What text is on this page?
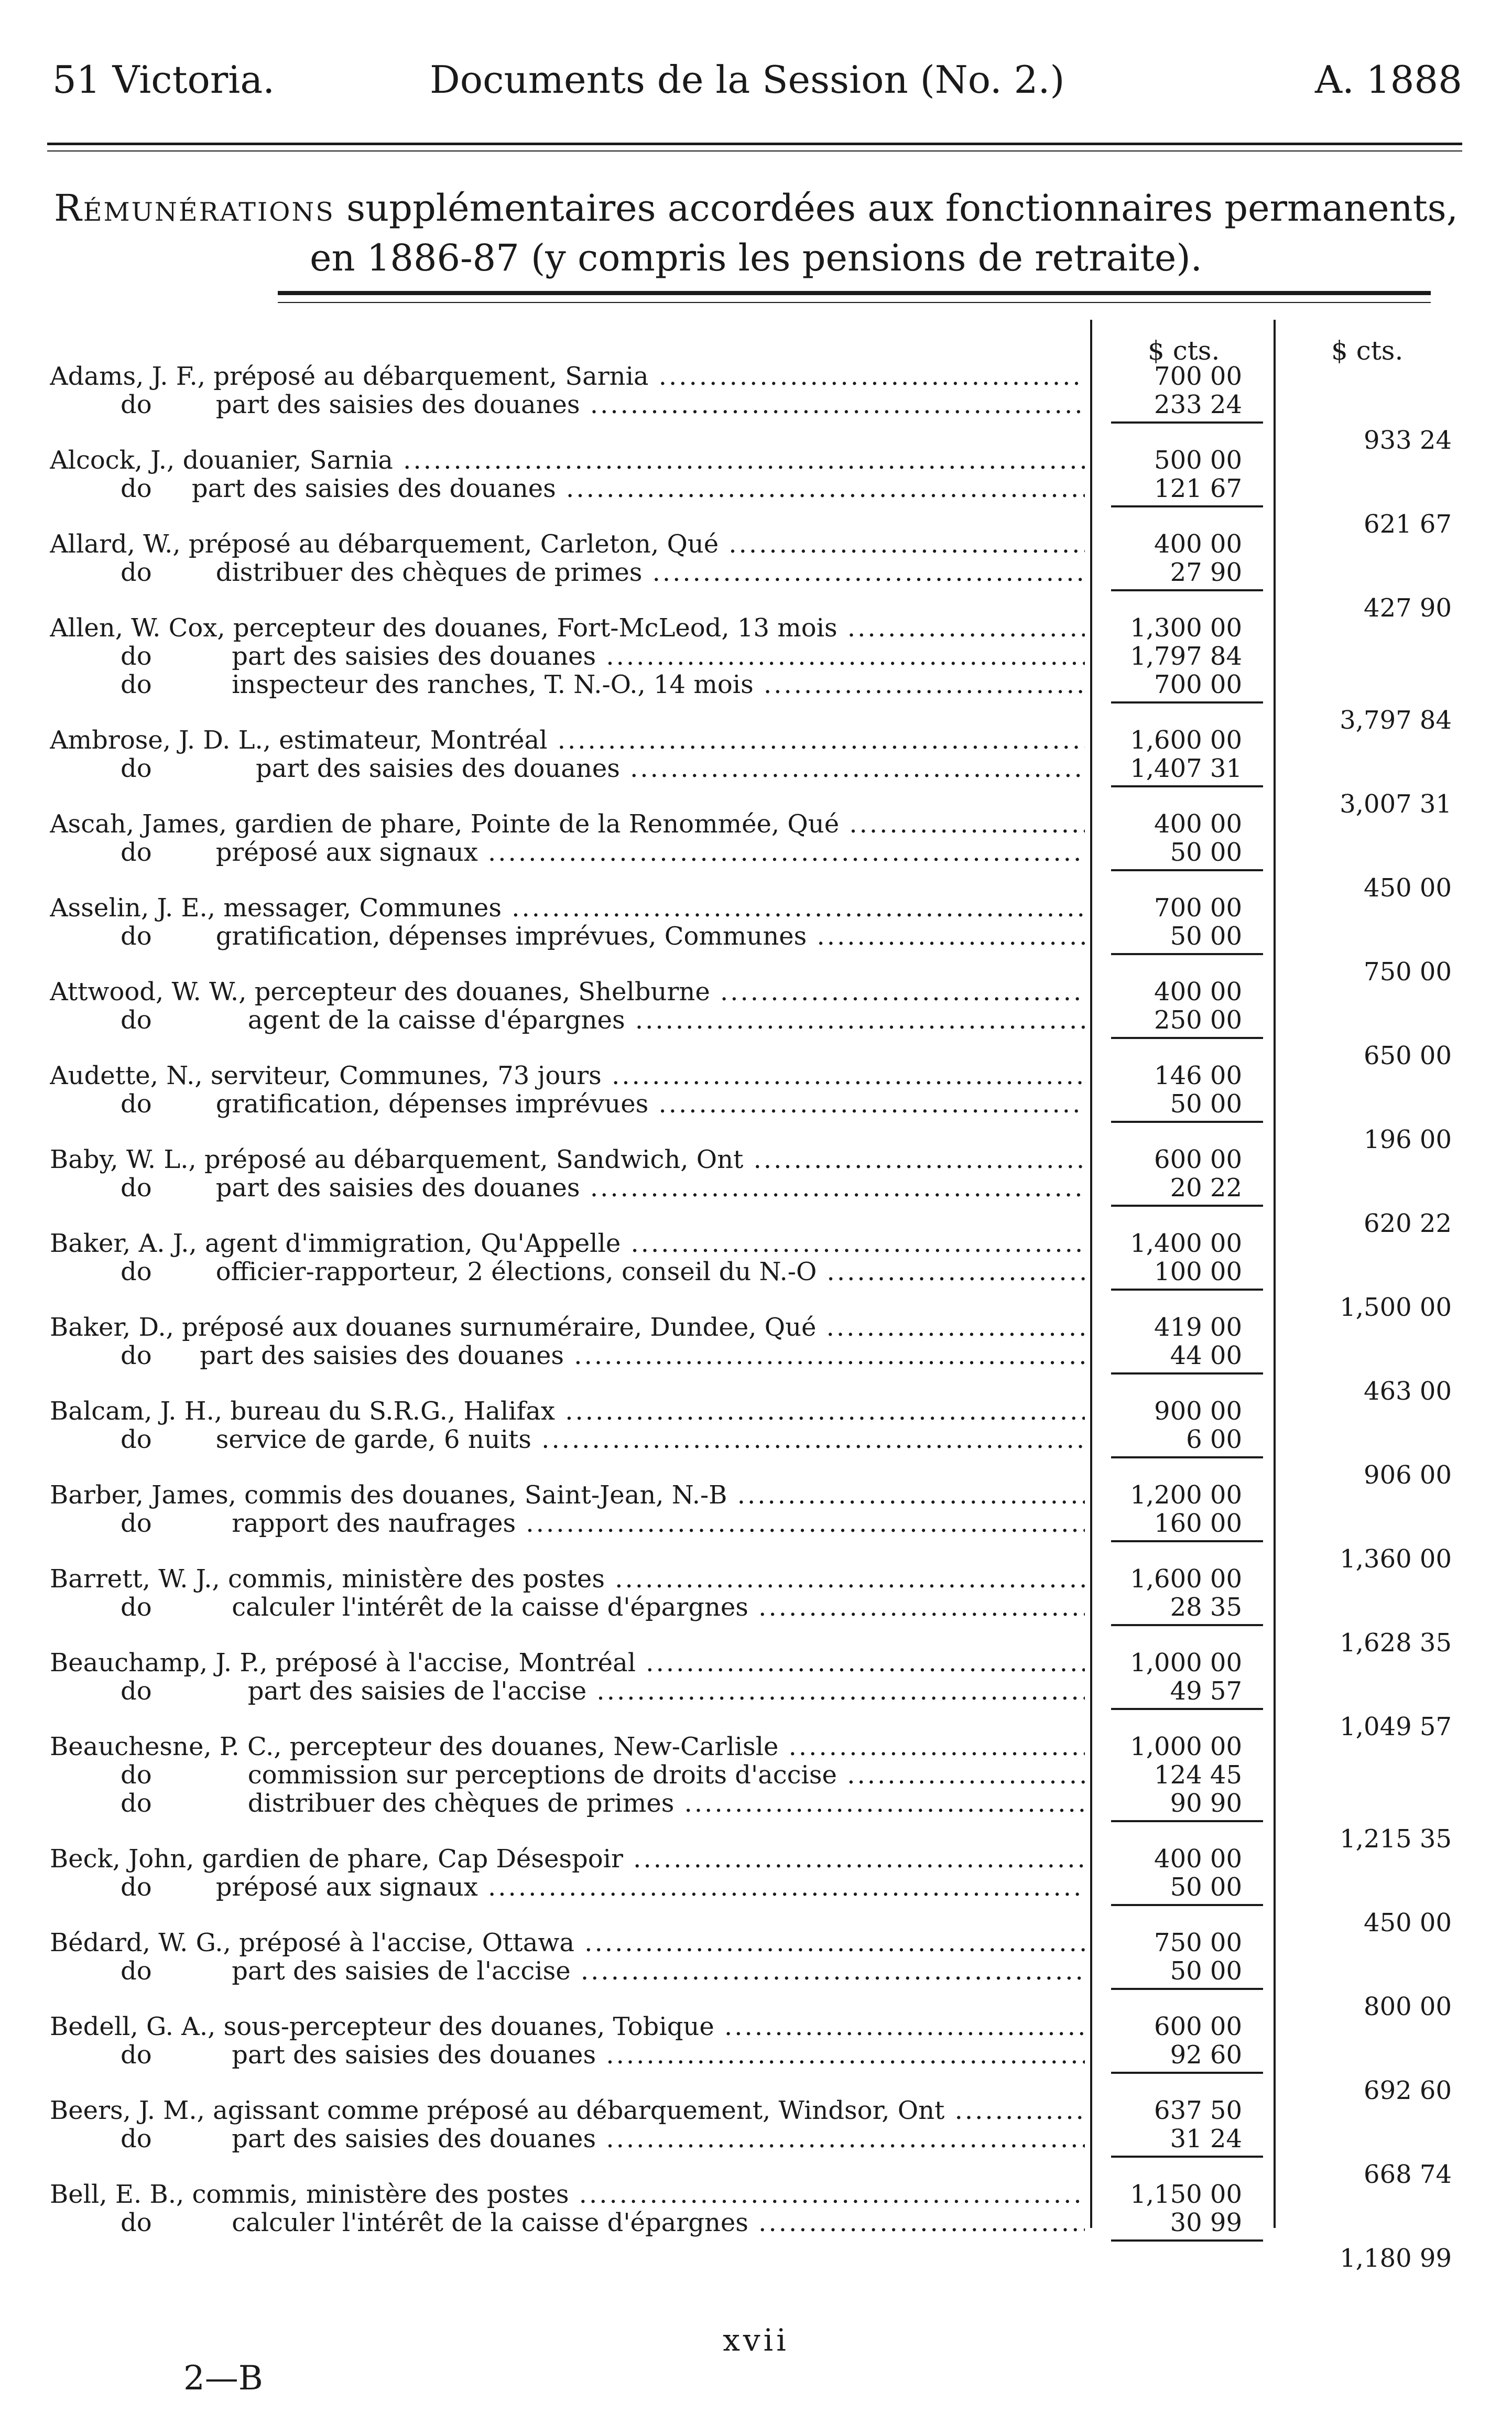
51 Victoria.	Documents de la Session (No. 2.)	A. 1888
Rémunérations supplémentaires accordées aux fonctionnaires permanents,
en 1886-87 (y compris les pensions de retraite).
$ cts.	$ cts.
Adams, J. F., préposé au débarquement, Sarnia .....	700 00
do        part des saisies des douanes .....	233 24
933 24
Alcock, J., douanier, Sarnia .....	500 00
do     part des saisies des douanes .....	121 67
621 67
Allard, W., préposé au débarquement, Carleton, Qué .....	400 00
do        distribuer des chèques de primes .....	27 90
427 90
Allen, W. Cox, percepteur des douanes, Fort-McLeod, 13 mois .....	1,300 00
do          part des saisies des douanes .....	1,797 84
do          inspecteur des ranches, T. N.-O., 14 mois .....	700 00
3,797 84
Ambrose, J. D. L., estimateur, Montréal .....	1,600 00
do             part des saisies des douanes .....	1,407 31
3,007 31
Ascah, James, gardien de phare, Pointe de la Renommée, Qué .....	400 00
do        préposé aux signaux .....	50 00
450 00
Asselin, J. E., messager, Communes .....	700 00
do        gratification, dépenses imprévues, Communes .....	50 00
750 00
Attwood, W. W., percepteur des douanes, Shelburne .....	400 00
do            agent de la caisse d'épargnes .....	250 00
650 00
Audette, N., serviteur, Communes, 73 jours .....	146 00
do        gratification, dépenses imprévues .....	50 00
196 00
Baby, W. L., préposé au débarquement, Sandwich, Ont .....	600 00
do        part des saisies des douanes .....	20 22
620 22
Baker, A. J., agent d'immigration, Qu'Appelle .....	1,400 00
do        officier-rapporteur, 2 élections, conseil du N.-O .....	100 00
1,500 00
Baker, D., préposé aux douanes surnuméraire, Dundee, Qué .....	419 00
do      part des saisies des douanes .....	44 00
463 00
Balcam, J. H., bureau du S.R.G., Halifax .....	900 00
do        service de garde, 6 nuits .....	6 00
906 00
Barber, James, commis des douanes, Saint-Jean, N.-B .....	1,200 00
do          rapport des naufrages .....	160 00
1,360 00
Barrett, W. J., commis, ministère des postes .....	1,600 00
do          calculer l'intérêt de la caisse d'épargnes .....	28 35
1,628 35
Beauchamp, J. P., préposé à l'accise, Montréal .....	1,000 00
do            part des saisies de l'accise .....	49 57
1,049 57
Beauchesne, P. C., percepteur des douanes, New-Carlisle .....	1,000 00
do            commission sur perceptions de droits d'accise .....	124 45
do            distribuer des chèques de primes .....	90 90
1,215 35
Beck, John, gardien de phare, Cap Désespoir .....	400 00
do        préposé aux signaux .....	50 00
450 00
Bédard, W. G., préposé à l'accise, Ottawa .....	750 00
do          part des saisies de l'accise .....	50 00
800 00
Bedell, G. A., sous-percepteur des douanes, Tobique .....	600 00
do          part des saisies des douanes .....	92 60
692 60
Beers, J. M., agissant comme préposé au débarquement, Windsor, Ont .....	637 50
do          part des saisies des douanes .....	31 24
668 74
Bell, E. B., commis, ministère des postes .....	1,150 00
do          calculer l'intérêt de la caisse d'épargnes .....	30 99
1,180 99
xvii
2—B
